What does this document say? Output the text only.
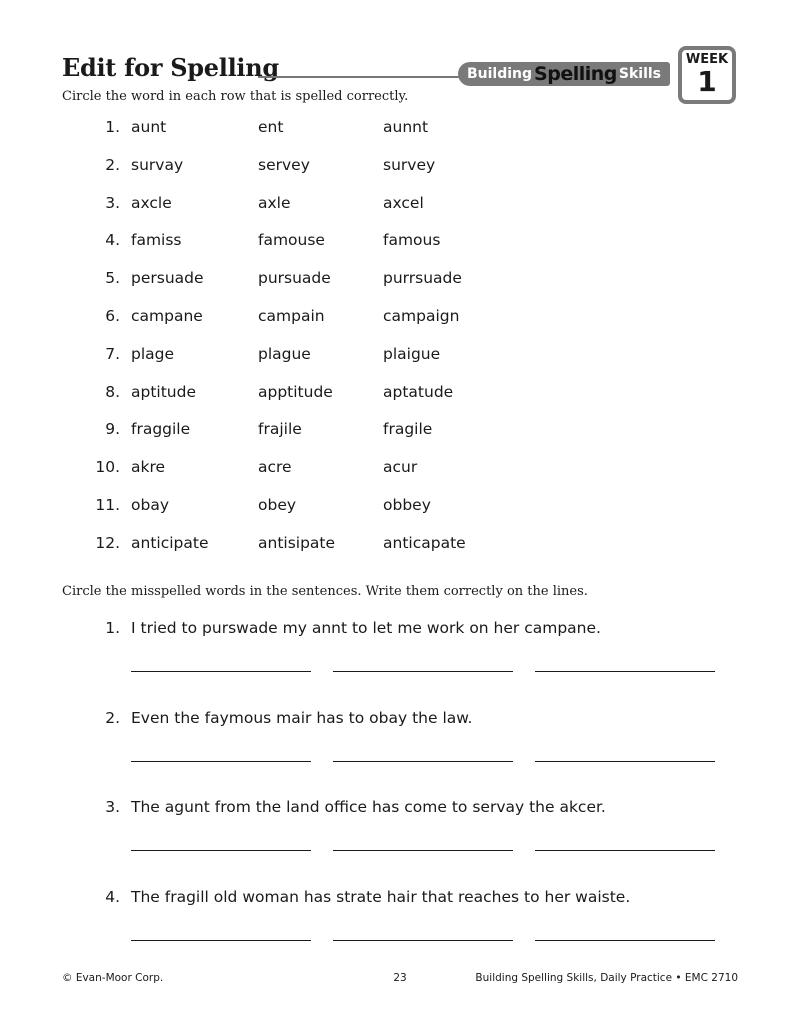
Edit for Spelling	Building Spelling Skills
WEEK
1
Circle the word in each row that is spelled correctly.
1. aunt	ent	aunnt
2. survay	servey	survey
3. axcle	axle	axcel
4. famiss	famouse	famous
5. persuade	pursuade	purrsuade
6. campane	campain	campaign
7. plage	plague	plaigue
8. aptitude	apptitude	aptatude
9. fraggile	frajile	fragile
10. akre	acre	acur
11. obay	obey	obbey
12. anticipate	antisipate	anticapate
Circle the misspelled words in the sentences. Write them correctly on the lines.
1. I tried to purswade my annt to let me work on her campane.
2. Even the faymous mair has to obay the law.
3. The agunt from the land office has come to servay the akcer.
4. The fragill old woman has strate hair that reaches to her waiste.
© Evan-Moor Corp.	23	Building Spelling Skills, Daily Practice • EMC 2710
